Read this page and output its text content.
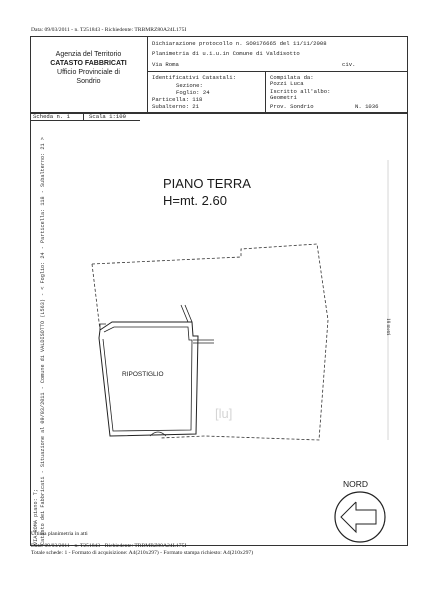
Data: 09/03/2011 - n. T251843 - Richiedente: TRBMRZ80A24L175I
Agenzia del Territorio
CATASTO FABBRICATI
Ufficio Provinciale di
Sondrio
Dichiarazione protocollo n. SO0176665 del 11/11/2008
Planimetria di u.i.u.in Comune di Valdisotto
Via Roma	civ.
Identificativi Catastali:
Sezione:
Foglio: 24
Particella: 118
Subalterno: 21
Compilata da:
Pozzi Luca
Iscritto all'albo:
Geometri
Prov. Sondrio	N. 1036
Scheda n. 1	Scala 1:100
PIANO TERRA
H=mt. 2.60
[lu]
RIPOSTIGLIO
NORD
18 metri
Catasto dei Fabbricati - Situazione al 09/03/2011 - Comune di VALDISOTTO (L563) - < Foglio: 24 - Particella: 118 - Subalterno: 21 >
VIA ROMA piano: T;
Ultima planimetria in atti
Data: 09/03/2011 - n. T251843 - Richiedente: TRBMRZ80A24L175I
Totale schede: 1 - Formato di acquisizione: A4(210x297) - Formato stampa richiesto: A4(210x297)
